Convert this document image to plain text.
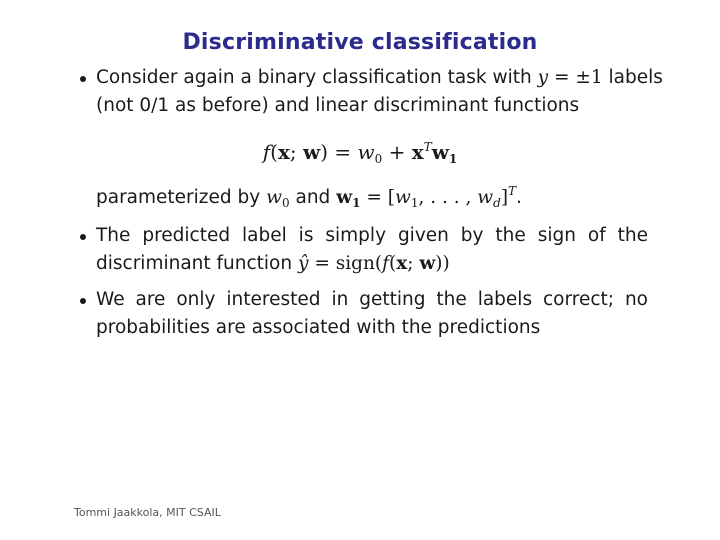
Discriminative classification
Consider again a binary classification task with y = ±1 labels
(not 0/1 as before) and linear discriminant functions
f(x; $w) = w_0 + x^Tw_1$
parameterized by $w_0$ and $w_1 = [w_1$, . . . , $w_d]^T$.
The predicted label is simply given by the sign of the
discriminant function ŷ = sign(f(x; w))
We are only interested in getting the labels correct; no
probabilities are associated with the predictions
Tommi Jaakkola, MIT CSAIL
